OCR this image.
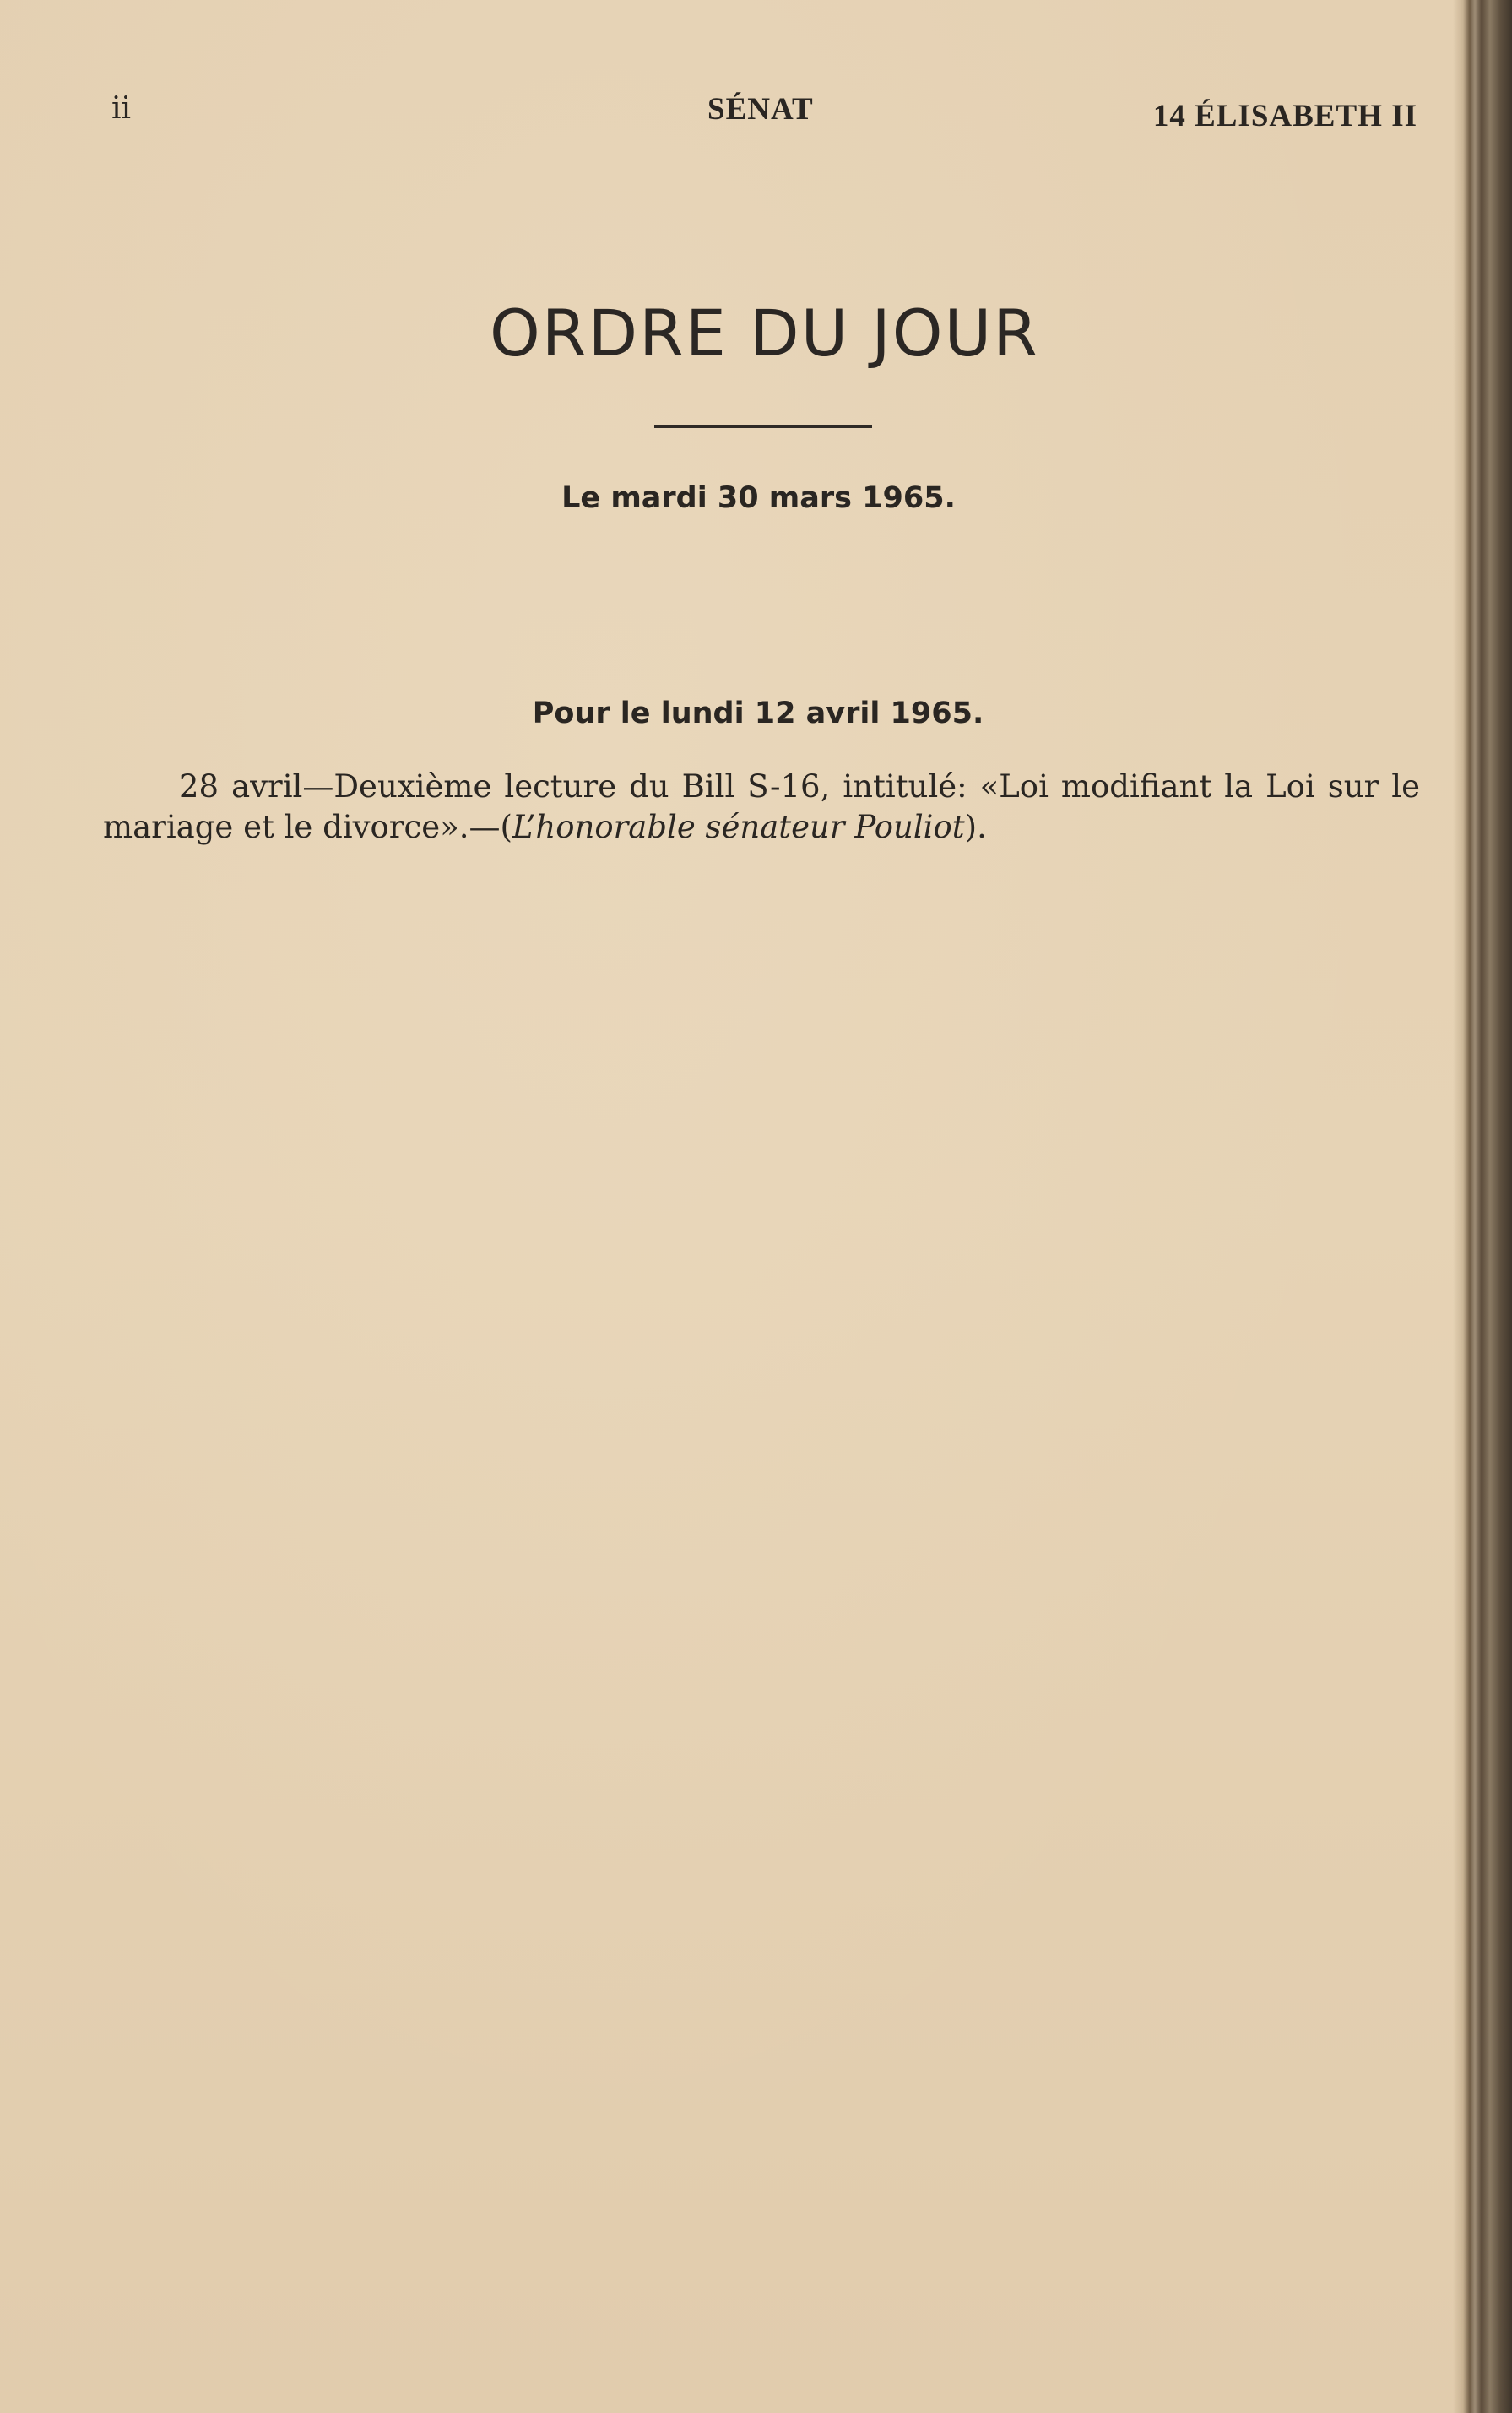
ii	SÉNAT	14 ÉLISABETH II
ORDRE DU JOUR
Le mardi 30 mars 1965.
Pour le lundi 12 avril 1965.

28 avril—Deuxième lecture du Bill S-16, intitulé: «Loi modifiant la Loi sur le mariage et le divorce».—(L’honorable sénateur Pouliot).
